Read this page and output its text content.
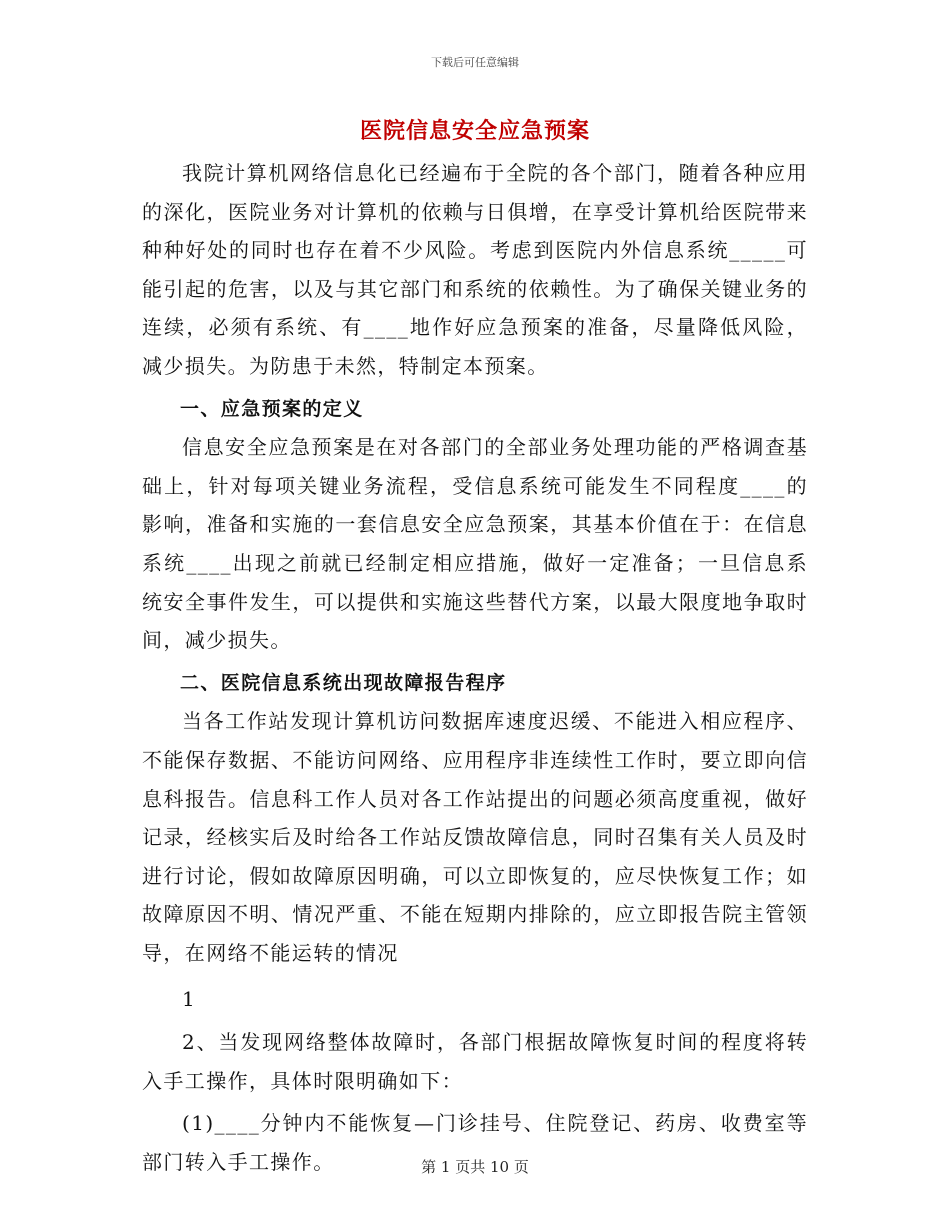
下载后可任意编辑
医院信息安全应急预案

我院计算机网络信息化已经遍布于全院的各个部门，随着各种应用的深化，医院业务对计算机的依赖与日俱增，在享受计算机给医院带来种种好处的同时也存在着不少风险。考虑到医院内外信息系统_____可能引起的危害，以及与其它部门和系统的依赖性。为了确保关键业务的连续，必须有系统、有____地作好应急预案的准备，尽量降低风险，减少损失。为防患于未然，特制定本预案。

一、应急预案的定义

信息安全应急预案是在对各部门的全部业务处理功能的严格调查基础上，针对每项关键业务流程，受信息系统可能发生不同程度____的影响，准备和实施的一套信息安全应急预案，其基本价值在于：在信息系统____出现之前就已经制定相应措施，做好一定准备；一旦信息系统安全事件发生，可以提供和实施这些替代方案，以最大限度地争取时间，减少损失。

二、医院信息系统出现故障报告程序

当各工作站发现计算机访问数据库速度迟缓、不能进入相应程序、不能保存数据、不能访问网络、应用程序非连续性工作时，要立即向信息科报告。信息科工作人员对各工作站提出的问题必须高度重视，做好记录，经核实后及时给各工作站反馈故障信息，同时召集有关人员及时进行讨论，假如故障原因明确，可以立即恢复的，应尽快恢复工作；如故障原因不明、情况严重、不能在短期内排除的，应立即报告院主管领导，在网络不能运转的情况

1

2、当发现网络整体故障时，各部门根据故障恢复时间的程度将转入手工操作，具体时限明确如下：

(1)____分钟内不能恢复—门诊挂号、住院登记、药房、收费室等部门转入手工操作。	第 1 页共 10 页
